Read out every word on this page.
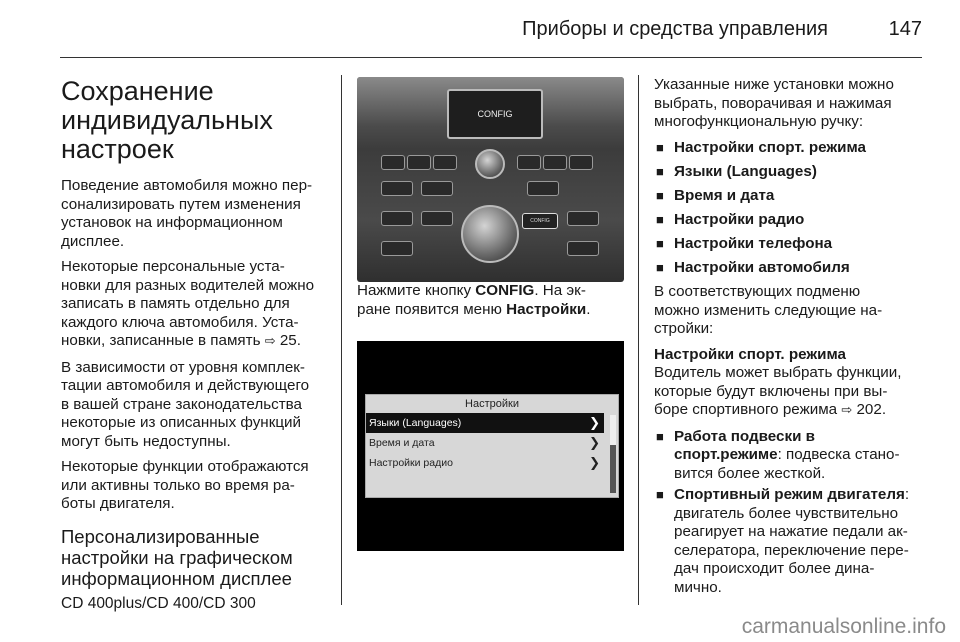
Приборы и средства управления	147
Сохранение
индивидуальных
настроек

Поведение автомобиля можно пер-
сонализировать путем изменения
установок на информационном
дисплее.

Некоторые персональные уста-
новки для разных водителей можно
записать в память отдельно для
каждого ключа автомобиля. Уста-
новки, записанные в память ⇨ 25.

В зависимости от уровня комплек-
тации автомобиля и действующего
в вашей стране законодательства
некоторые из описанных функций
могут быть недоступны.

Некоторые функции отображаются
или активны только во время ра-
боты двигателя.

Персонализированные
настройки на графическом
информационном дисплее
CD 400plus/CD 400/CD 300
CONFIG
CONFIG

Нажмите кнопку CONFIG. На эк-
ране появится меню Настройки.

Настройки
Языки (Languages)	❯
Время и дата	❯
Настройки радио	❯

Указанные ниже установки можно
выбрать, поворачивая и нажимая
многофункциональную ручку:

■ Настройки спорт. режима
■ Языки (Languages)
■ Время и дата
■ Настройки радио
■ Настройки телефона
■ Настройки автомобиля

В соответствующих подменю
можно изменить следующие на-
стройки:

Настройки спорт. режима

Водитель может выбрать функции,
которые будут включены при вы-
боре спортивного режима ⇨ 202.

■ Работа подвески в
спорт.режиме: подвеска стано-
вится более жесткой.
■ Спортивный режим двигателя:
двигатель более чувствительно
реагирует на нажатие педали ак-
селератора, переключение пере-
дач происходит более дина-
мично.
carmanualsonline.info
